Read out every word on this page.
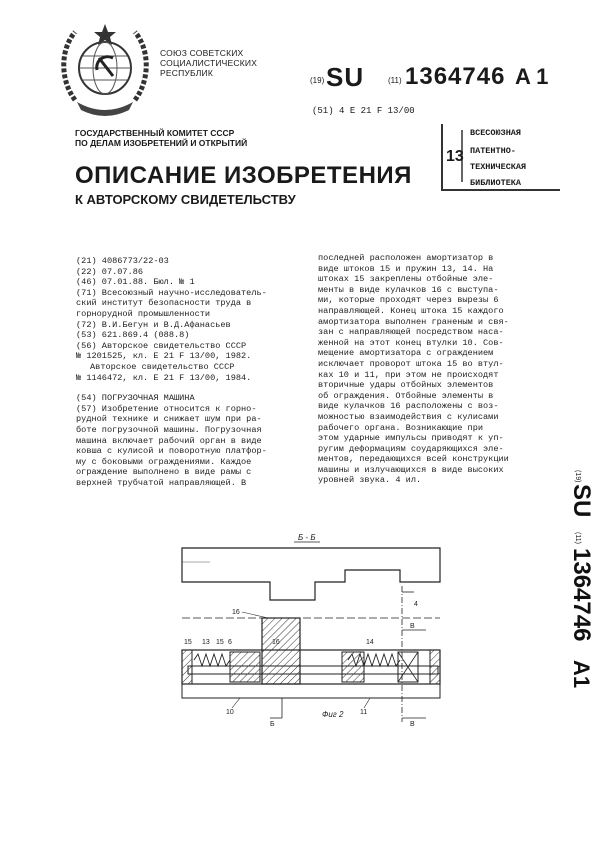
СОЮЗ СОВЕТСКИХ
СОЦИАЛИСТИЧЕСКИХ
РЕСПУБЛИК
(19) SU	(11) 1364746 A 1
(51) 4 E 21 F 13/00
ГОСУДАРСТВЕННЫЙ КОМИТЕТ СССР
ПО ДЕЛАМ ИЗОБРЕТЕНИЙ И ОТКРЫТИЙ
13
ВСЕСОЮЗНАЯ
ПАТЕНТНО-
ТЕХНИЧЕСКАЯ
БИБЛИОТЕКА
ОПИСАНИЕ ИЗОБРЕТЕНИЯ
К АВТОРСКОМУ СВИДЕТЕЛЬСТВУ
(21) 4086773/22-03
(22) 07.07.86
(46) 07.01.88. Бюл. № 1
(71) Всесоюзный научно-исследователь-
ский институт безопасности труда в
горнорудной промышленности
(72) В.И.Бегун и В.Д.Афанасьев
(53) 621.869.4 (088.8)
(56) Авторское свидетельство СССР
№ 1201525, кл. E 21 F 13/00, 1982.
Авторское свидетельство СССР
№ 1146472, кл. E 21 F 13/00, 1984.
(54) ПОГРУЗОЧНАЯ МАШИНА
(57) Изобретение относится к горно-
рудной технике и снижает шум при ра-
боте погрузочной машины. Погрузочная
машина включает рабочий орган в виде
ковша с кулисой и поворотную платфор-
му с боковыми ограждениями. Каждое
ограждение выполнено в виде рамы с
верхней трубчатой направляющей. В
последней расположен амортизатор в
виде штоков 15 и пружин 13, 14. На
штоках 15 закреплены отбойные эле-
менты в виде кулачков 16 с выступа-
ми, которые проходят через вырезы 6
направляющей. Конец штока 15 каждого
амортизатора выполнен граненым и свя-
зан с направляющей посредством наса-
женной на этот конец втулки 10. Сов-
мещение амортизатора с ограждением
исключает проворот штока 15 во втул-
ках 10 и 11, при этом не происходят
вторичные удары отбойных элементов
об ограждения. Отбойные элементы в
виде кулачков 16 расположены с воз-
можностью взаимодействия с кулисами
рабочего органа. Возникающие при
этом ударные импульсы приводят к уп-
ругим деформациям соударяющихся эле-
ментов, передающихся всей конструкции
машины и излучающихся в виде высоких
уровней звука. 4 ил.	(19)
SU
(11)
1364746
A1
Б - Б
4
16
15 13 15 6	16	14
В
10
Б
Фиг 2 11
В
